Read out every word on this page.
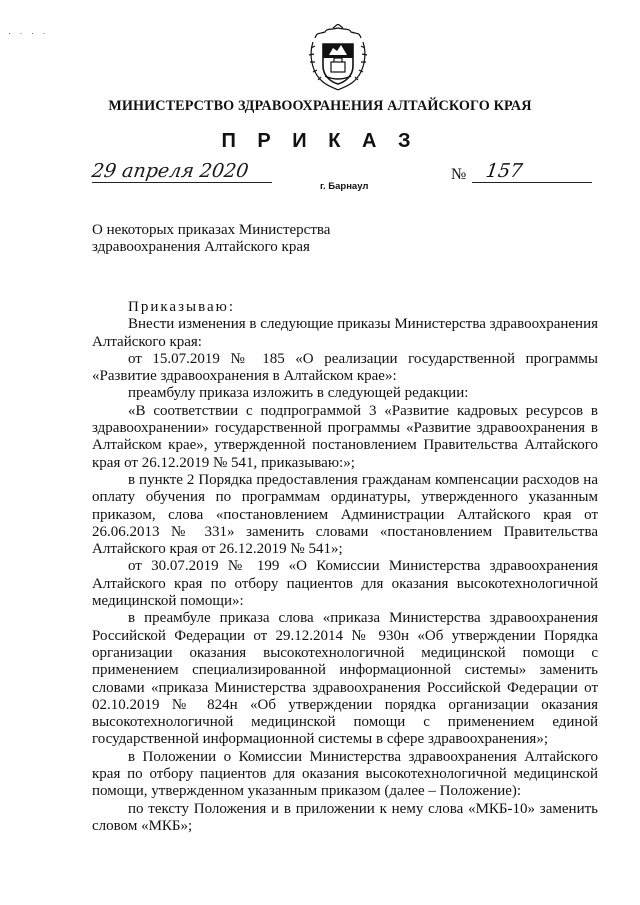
· · · ·
МИНИСТЕРСТВО ЗДРАВООХРАНЕНИЯ АЛТАЙСКОГО КРАЯ
П Р И К А З
29 апреля 2020
г. Барнаул
№ 157
О некоторых приказах Министерства
здравоохранения Алтайского края

Приказываю:

Внести изменения в следующие приказы Министерства здравоохранения Алтайского края:

от 15.07.2019 № 185 «О реализации государственной программы «Развитие здравоохранения в Алтайском крае»:

преамбулу приказа изложить в следующей редакции:

«В соответствии с подпрограммой 3 «Развитие кадровых ресурсов в здравоохранении» государственной программы «Развитие здравоохранения в Алтайском крае», утвержденной постановлением Правительства Алтайского края от 26.12.2019 № 541, приказываю:»;

в пункте 2 Порядка предоставления гражданам компенсации расходов на оплату обучения по программам ординатуры, утвержденного указанным приказом, слова «постановлением Администрации Алтайского края от 26.06.2013 № 331» заменить словами «постановлением Правительства Алтайского края от 26.12.2019 № 541»;

от 30.07.2019 № 199 «О Комиссии Министерства здравоохранения Алтайского края по отбору пациентов для оказания высокотехнологичной медицинской помощи»:

в преамбуле приказа слова «приказа Министерства здравоохранения Российской Федерации от 29.12.2014 № 930н «Об утверждении Порядка организации оказания высокотехнологичной медицинской помощи с применением специализированной информационной системы» заменить словами «приказа Министерства здравоохранения Российской Федерации от 02.10.2019 № 824н «Об утверждении порядка организации оказания высокотехнологичной медицинской помощи с применением единой государственной информационной системы в сфере здравоохранения»;

в Положении о Комиссии Министерства здравоохранения Алтайского края по отбору пациентов для оказания высокотехнологичной медицинской помощи, утвержденном указанным приказом (далее – Положение):

по тексту Положения и в приложении к нему слова «МКБ-10» заменить словом «МКБ»;
